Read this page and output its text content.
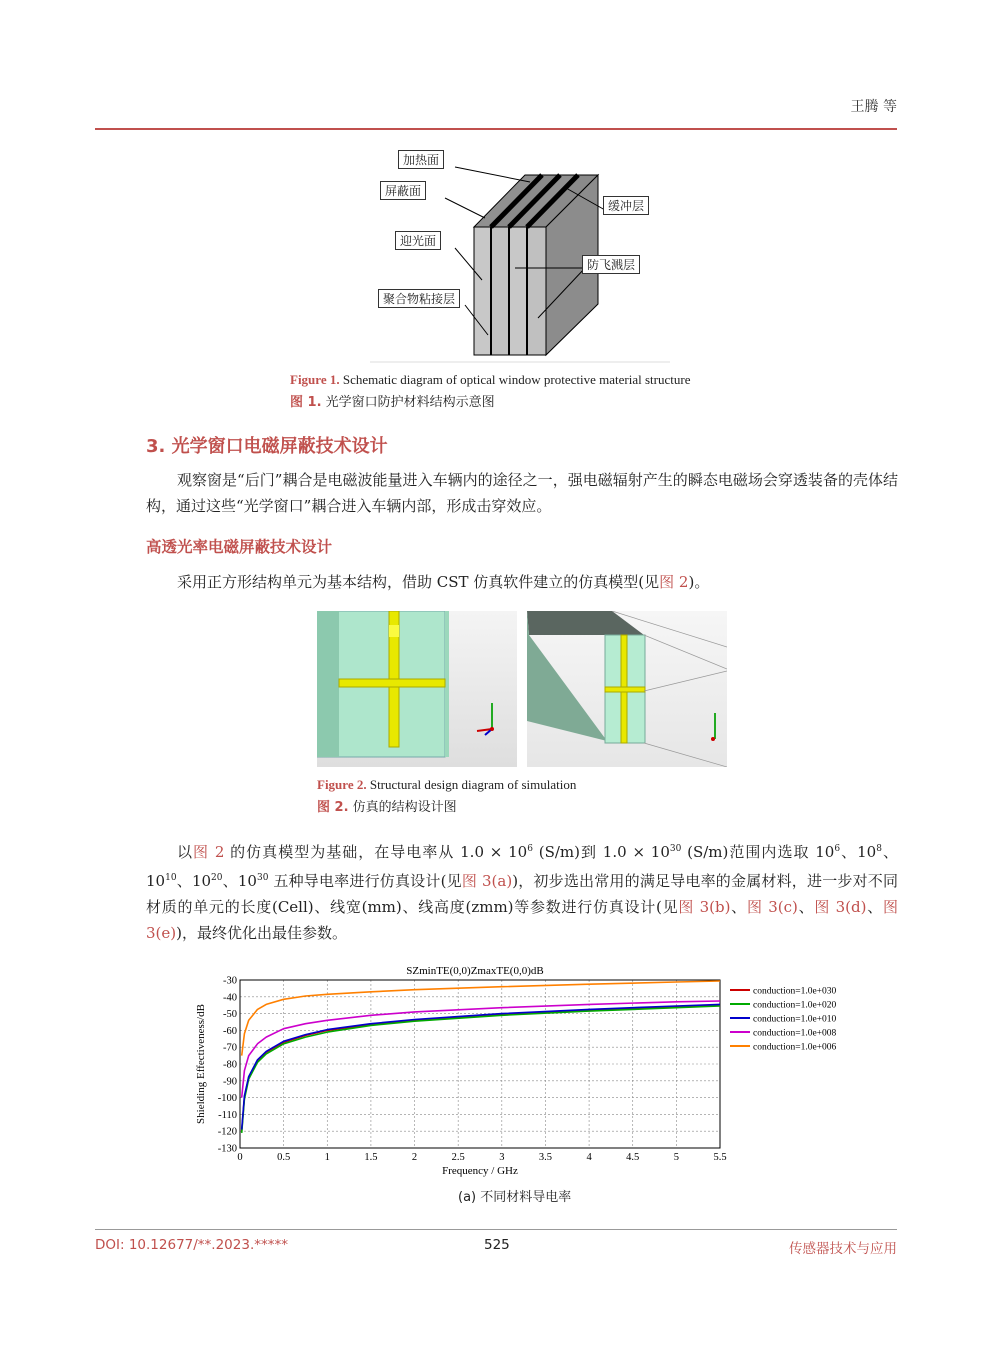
王腾 等
加热面
屏蔽面
缓冲层
迎光面
防飞溅层
聚合物粘接层
Figure 1. Schematic diagram of optical window protective material structure
图 1. 光学窗口防护材料结构示意图
3. 光学窗口电磁屏蔽技术设计
观察窗是“后门”耦合是电磁波能量进入车辆内的途径之一，强电磁辐射产生的瞬态电磁场会穿透装备的壳体结构，通过这些“光学窗口”耦合进入车辆内部，形成击穿效应。
高透光率电磁屏蔽技术设计
采用正方形结构单元为基本结构，借助 CST 仿真软件建立的仿真模型(见图 2)。
Figure 2. Structural design diagram of simulation
图 2. 仿真的结构设计图
以图 2 的仿真模型为基础，在导电率从 $1.0 \times 10^6$ (S/m)到 $1.0 \times 10^{30}$ (S/m)范围内选取 $10^6$、$10^8$、$10^{10}$、$10^{20}$、$10^{30}$ 五种导电率进行仿真设计(见图 3(a))，初步选出常用的满足导电率的金属材料，进一步对不同材质的单元的长度(Cell)、线宽(mm)、线高度(zmm)等参数进行仿真设计(见图 3(b)、图 3(c)、图 3(d)、图 3(e))，最终优化出最佳参数。
SZminTE(0,0)ZmaxTE(0,0)dB
0	0.5	1	1.5	2	2.5	3	3.5	4	4.5	5	5.5
-30
-40
-50
-60
-70
-80
-90
-100
-110
-120
-130
conduction=1.0e+030
conduction=1.0e+020
conduction=1.0e+010
conduction=1.0e+008
conduction=1.0e+006
Frequency / GHz
Shielding Effectiveness/dB
(a) 不同材料导电率
DOI: 10.12677/**.2023.*****	525	传感器技术与应用
